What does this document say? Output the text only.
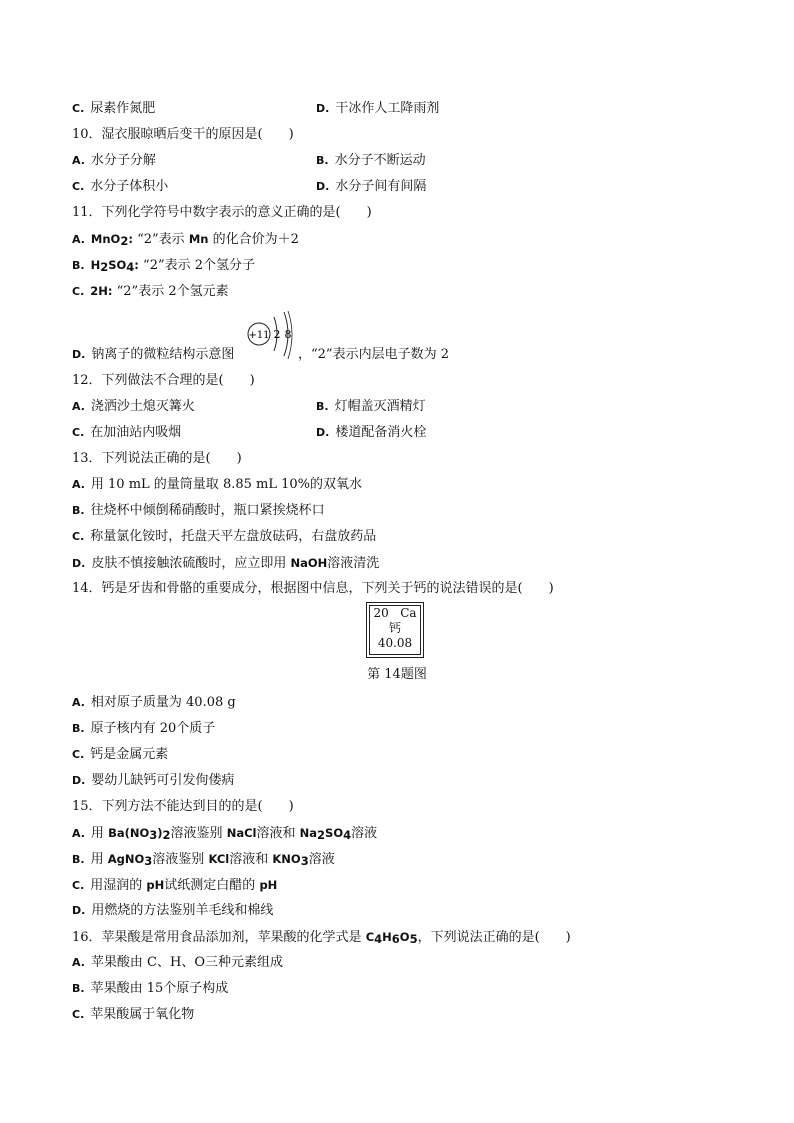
C. 尿素作氮肥	D. 干冰作人工降雨剂
10．湿衣服晾晒后变干的原因是(　　)
A. 水分子分解	B. 水分子不断运动
C. 水分子体积小	D. 水分子间有间隔
11．下列化学符号中数字表示的意义正确的是(　　)
A. MnO$_2$: “2”表示 Mn 的化合价为＋2
B. $H_2SO_4$: “2”表示 2个氢分子
C. 2H: “2”表示 2个氢元素
+11 2 8
D. 钠离子的微粒结构示意图	，“2”表示内层电子数为 2
12．下列做法不合理的是(　　)
A. 浇洒沙土熄灭篝火	B. 灯帽盖灭酒精灯
C. 在加油站内吸烟	D. 楼道配备消火栓
13．下列说法正确的是(　　)
A. 用 10 mL 的量筒量取 8.85 mL 10%的双氧水
B. 往烧杯中倾倒稀硝酸时，瓶口紧挨烧杯口
C. 称量氯化铵时，托盘天平左盘放砝码，右盘放药品
D. 皮肤不慎接触浓硫酸时，应立即用 NaOH溶液清洗
14．钙是牙齿和骨骼的重要成分，根据图中信息，下列关于钙的说法错误的是(　　)
20 Ca
钙
40.08
第 14题图
A. 相对原子质量为 40.08 g
B. 原子核内有 20个质子
C. 钙是金属元素
D. 婴幼儿缺钙可引发佝偻病
15．下列方法不能达到目的的是(　　)
A. 用 $Ba(NO_3)_2$溶液鉴别 NaCl溶液和 $Na_2SO_4$溶液
B. 用 AgNO$_3$溶液鉴别 KCl溶液和 $KNO_3$溶液
C. 用湿润的 pH试纸测定白醋的 pH
D. 用燃烧的方法鉴别羊毛线和棉线
16．苹果酸是常用食品添加剂，苹果酸的化学式是 $C_4H_6O_5$，下列说法正确的是(　　)
A. 苹果酸由 C、H、O三种元素组成
B. 苹果酸由 15个原子构成
C. 苹果酸属于氧化物
